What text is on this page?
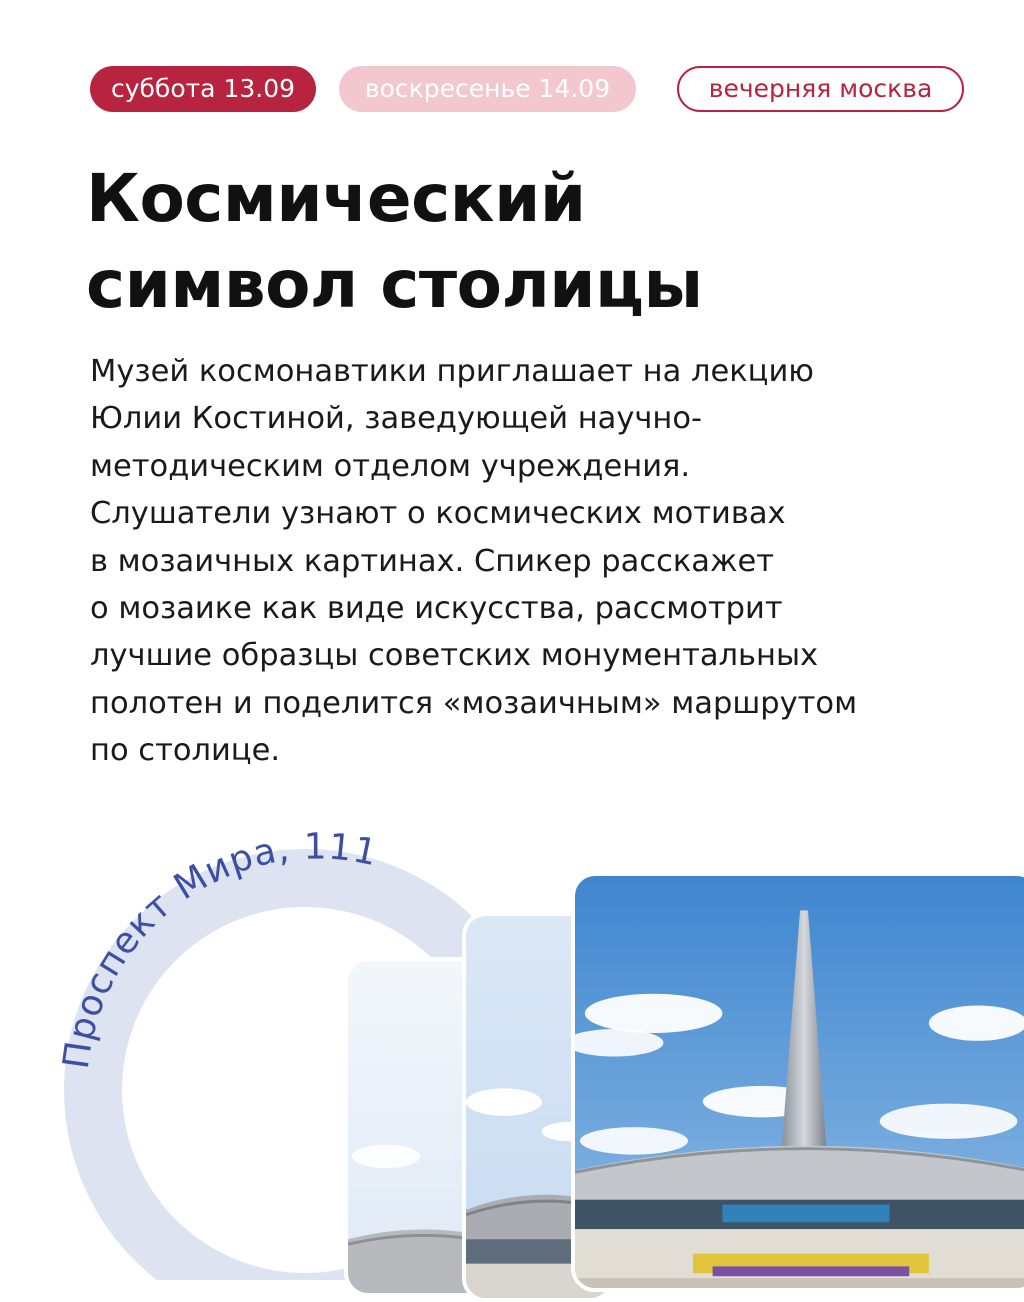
суббота 13.09	воскресенье 14.09	вечерняя москва
Космический
символ столицы
Музей космонавтики приглашает на лекцию
Юлии Костиной, заведующей научно-
методическим отделом учреждения.
Слушатели узнают о космических мотивах
в мозаичных картинах. Спикер расскажет
о мозаике как виде искусства, рассмотрит
лучшие образцы советских монументальных
полотен и поделится «мозаичным» маршрутом
по столице.
Проспект Мира, 111
